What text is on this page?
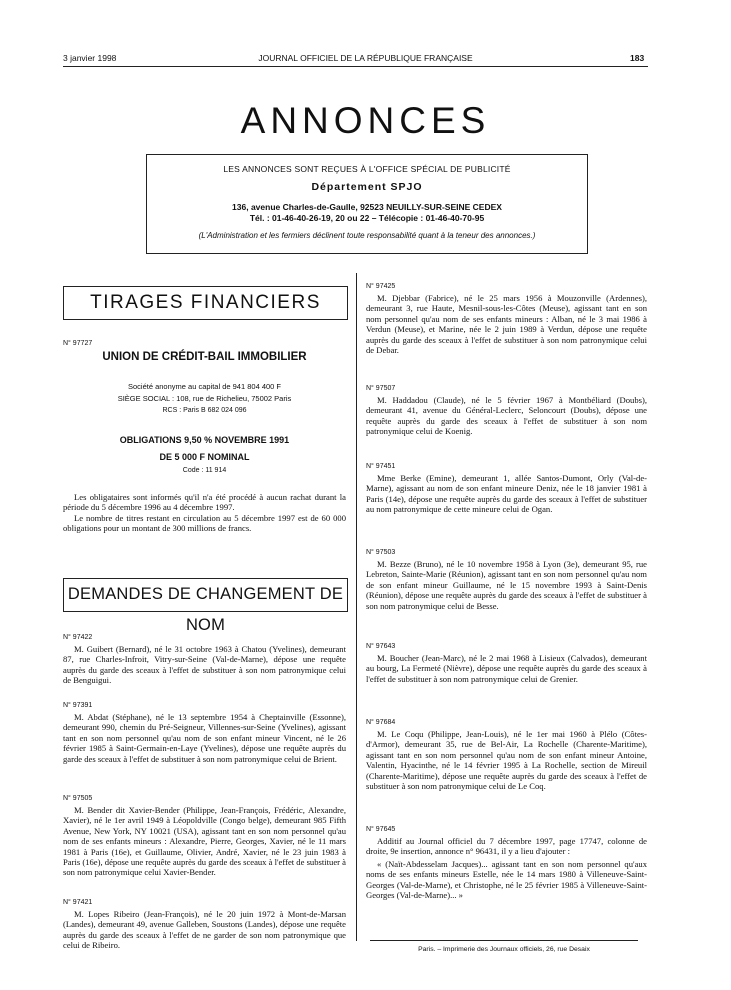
3 janvier 1998	JOURNAL OFFICIEL DE LA RÉPUBLIQUE FRANÇAISE	183
ANNONCES
LES ANNONCES SONT REÇUES À L'OFFICE SPÉCIAL DE PUBLICITÉ
Département SPJO
136, avenue Charles-de-Gaulle, 92523 NEUILLY-SUR-SEINE CEDEX
Tél. : 01-46-40-26-19, 20 ou 22 – Télécopie : 01-46-40-70-95
(L'Administration et les fermiers déclinent toute responsabilité quant à la teneur des annonces.)
TIRAGES FINANCIERS
N° 97727
UNION DE CRÉDIT-BAIL IMMOBILIER
Société anonyme au capital de 941 804 400 F
SIÈGE SOCIAL : 108, rue de Richelieu, 75002 Paris
RCS : Paris B 682 024 096
OBLIGATIONS 9,50 % NOVEMBRE 1991
DE 5 000 F NOMINAL
Code : 11 914

Les obligataires sont informés qu'il n'a été procédé à aucun rachat durant la période du 5 décembre 1996 au 4 décembre 1997.

Le nombre de titres restant en circulation au 5 décembre 1997 est de 60 000 obligations pour un montant de 300 millions de francs.

DEMANDES DE CHANGEMENT DE NOM
N° 97422

M. Guibert (Bernard), né le 31 octobre 1963 à Chatou (Yvelines), demeurant 87, rue Charles-Infroit, Vitry-sur-Seine (Val-de-Marne), dépose une requête auprès du garde des sceaux à l'effet de substituer à son nom patronymique celui de Benguigui.

N° 97391

M. Abdat (Stéphane), né le 13 septembre 1954 à Cheptainville (Essonne), demeurant 990, chemin du Pré-Seigneur, Villennes-sur-Seine (Yvelines), agissant tant en son nom personnel qu'au nom de son enfant mineur Vincent, né le 26 février 1985 à Saint-Germain-en-Laye (Yvelines), dépose une requête auprès du garde des sceaux à l'effet de substituer à son nom patronymique celui de Brient.

N° 97505

M. Bender dit Xavier-Bender (Philippe, Jean-François, Frédéric, Alexandre, Xavier), né le 1er avril 1949 à Léopoldville (Congo belge), demeurant 985 Fifth Avenue, New York, NY 10021 (USA), agissant tant en son nom personnel qu'au nom de ses enfants mineurs : Alexandre, Pierre, Georges, Xavier, né le 11 mars 1981 à Paris (16e), et Guillaume, Olivier, André, Xavier, né le 23 juin 1983 à Paris (16e), dépose une requête auprès du garde des sceaux à l'effet de substituer à son nom patronymique celui Xavier-Bender.

N° 97421

M. Lopes Ribeiro (Jean-François), né le 20 juin 1972 à Mont-de-Marsan (Landes), demeurant 49, avenue Galleben, Soustons (Landes), dépose une requête auprès du garde des sceaux à l'effet de ne garder de son nom patronymique que celui de Ribeiro.

N° 97425

M. Djebbar (Fabrice), né le 25 mars 1956 à Mouzonville (Ardennes), demeurant 3, rue Haute, Mesnil-sous-les-Côtes (Meuse), agissant tant en son nom personnel qu'au nom de ses enfants mineurs : Alban, né le 3 mai 1986 à Verdun (Meuse), et Marine, née le 2 juin 1989 à Verdun, dépose une requête auprès du garde des sceaux à l'effet de substituer à son nom patronymique celui de Debar.

N° 97507

M. Haddadou (Claude), né le 5 février 1967 à Montbéliard (Doubs), demeurant 41, avenue du Général-Leclerc, Seloncourt (Doubs), dépose une requête auprès du garde des sceaux à l'effet de substituer à son nom patronymique celui de Koenig.

N° 97451

Mme Berke (Emine), demeurant 1, allée Santos-Dumont, Orly (Val-de-Marne), agissant au nom de son enfant mineure Deniz, née le 18 janvier 1981 à Paris (14e), dépose une requête auprès du garde des sceaux à l'effet de substituer au nom patronymique de cette mineure celui de Ogan.

N° 97503

M. Bezze (Bruno), né le 10 novembre 1958 à Lyon (3e), demeurant 95, rue Lebreton, Sainte-Marie (Réunion), agissant tant en son nom personnel qu'au nom de son enfant mineur Guillaume, né le 15 novembre 1993 à Saint-Denis (Réunion), dépose une requête auprès du garde des sceaux à l'effet de substituer à son nom patronymique celui de Besse.

N° 97643

M. Boucher (Jean-Marc), né le 2 mai 1968 à Lisieux (Calvados), demeurant au bourg, La Fermeté (Nièvre), dépose une requête auprès du garde des sceaux à l'effet de substituer à son nom patronymique celui de Grenier.

N° 97684

M. Le Coqu (Philippe, Jean-Louis), né le 1er mai 1960 à Plélo (Côtes-d'Armor), demeurant 35, rue de Bel-Air, La Rochelle (Charente-Maritime), agissant tant en son nom personnel qu'au nom de son enfant mineur Antoine, Valentin, Hyacinthe, né le 14 février 1995 à La Rochelle, section de Mireuil (Charente-Maritime), dépose une requête auprès du garde des sceaux à l'effet de substituer à son nom patronymique celui de Le Coq.

N° 97645

Additif au Journal officiel du 7 décembre 1997, page 17747, colonne de droite, 9e insertion, annonce n° 96431, il y a lieu d'ajouter :

« (Naït-Abdesselam Jacques)... agissant tant en son nom personnel qu'aux noms de ses enfants mineurs Estelle, née le 14 mars 1980 à Villeneuve-Saint-Georges (Val-de-Marne), et Christophe, né le 25 février 1985 à Villeneuve-Saint-Georges (Val-de-Marne)... »

Paris. – Imprimerie des Journaux officiels, 26, rue Desaix
